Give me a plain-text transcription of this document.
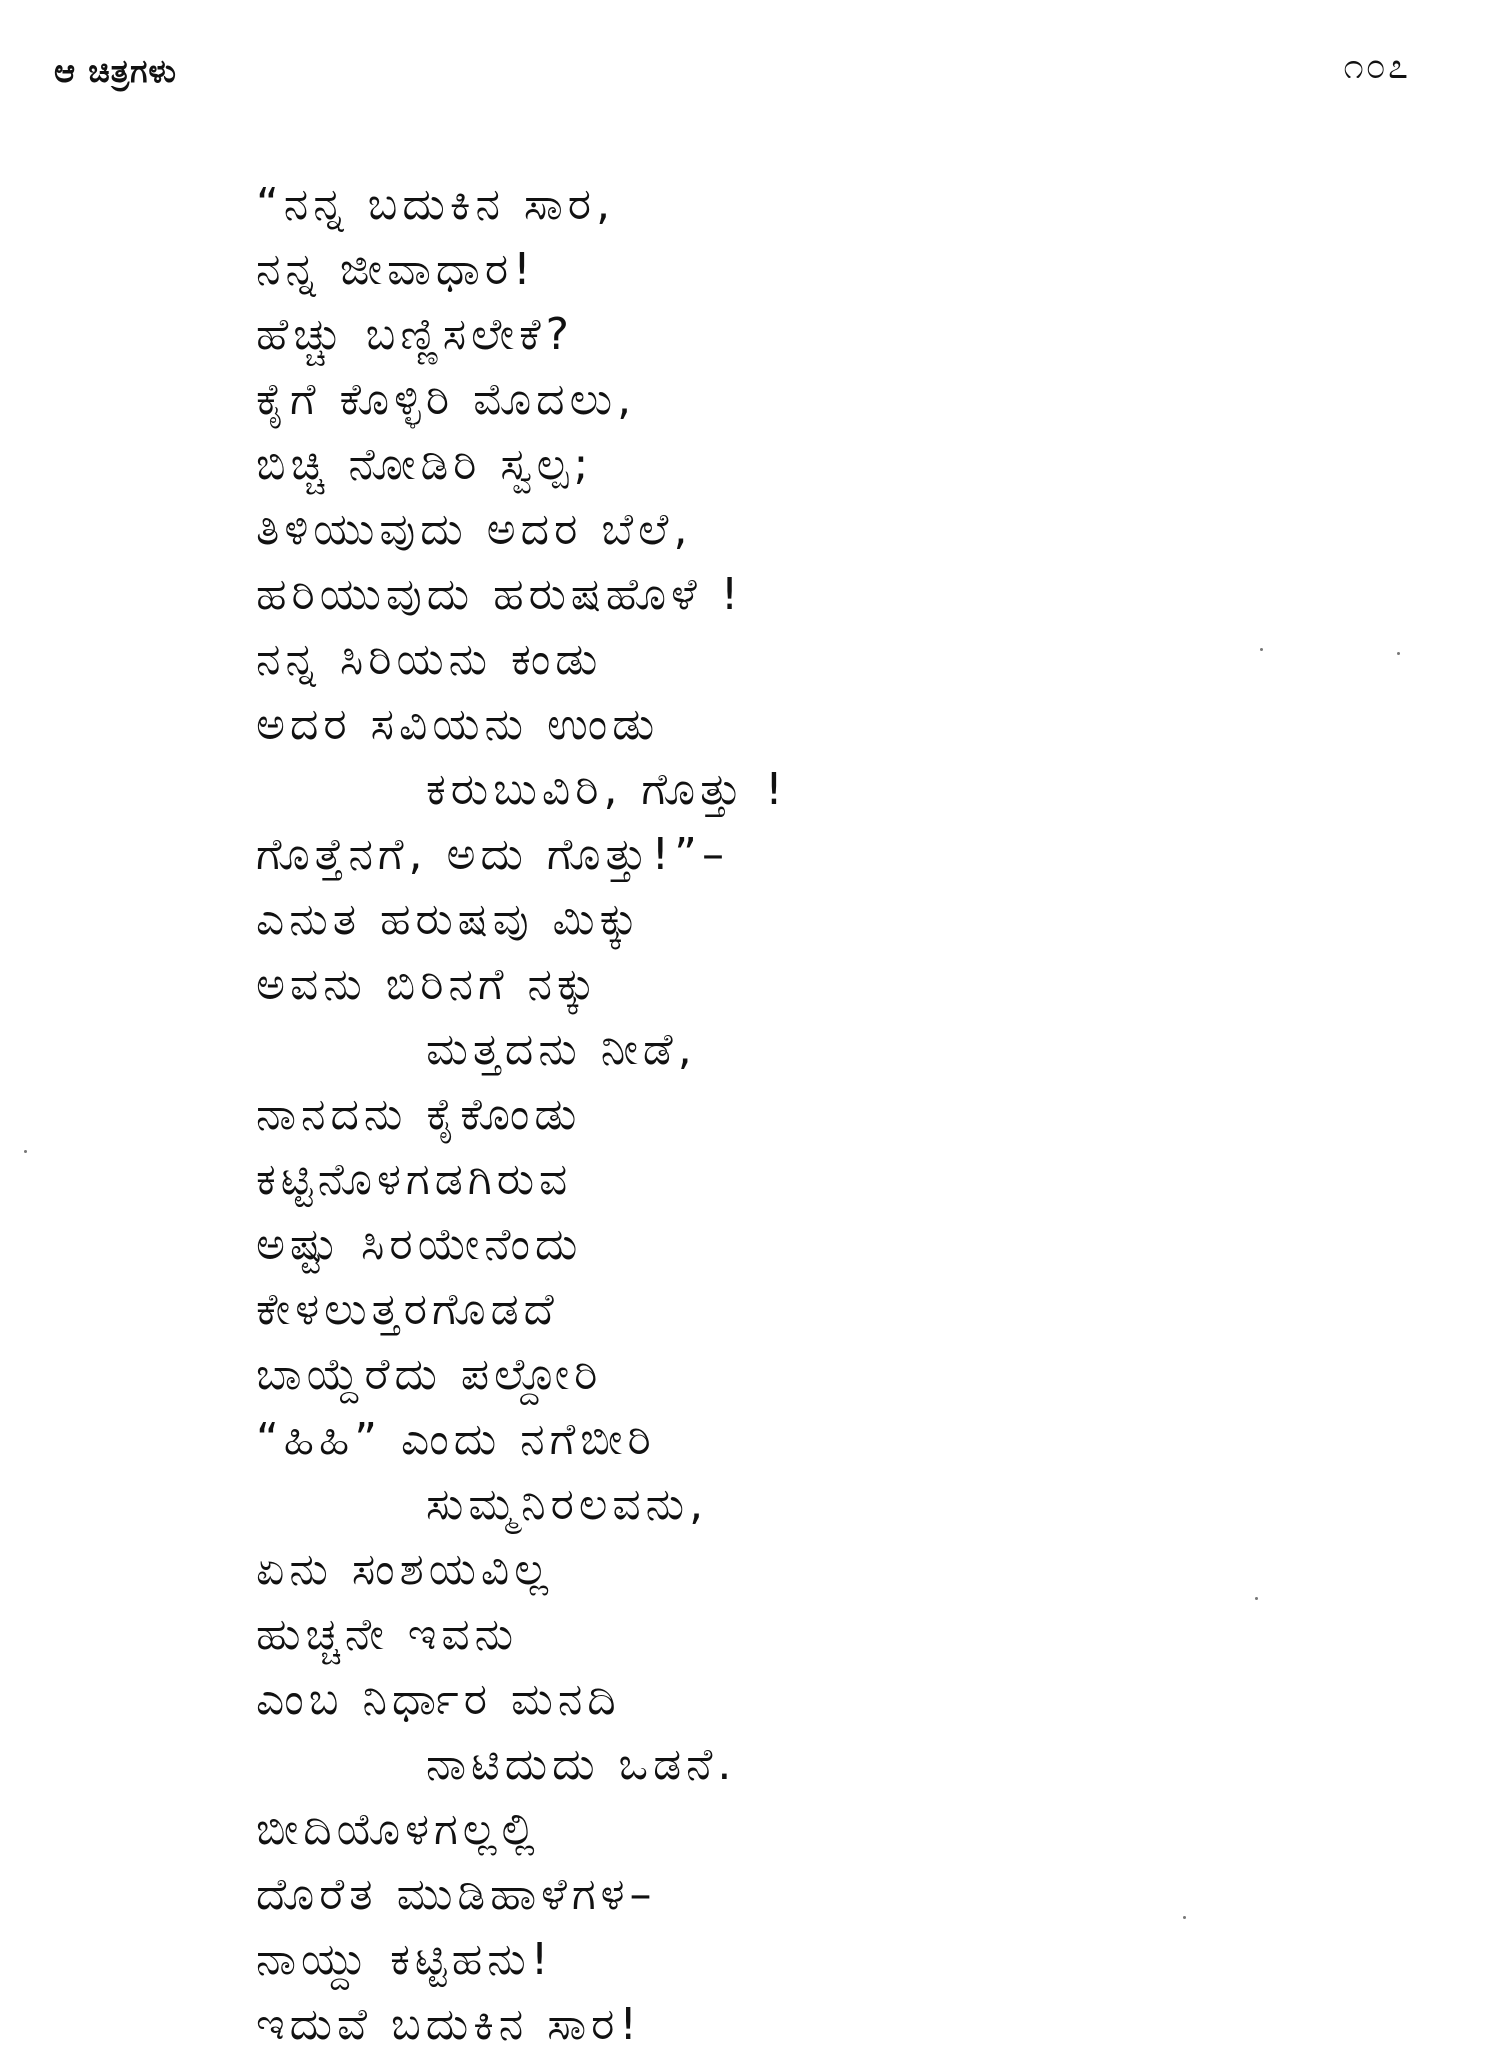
ಆ ಚಿತ್ರಗಳು	೧೦೭
“ನನ್ನ ಬದುಕಿನ ಸಾರ,
ನನ್ನ ಜೀವಾಧಾರ!
ಹೆಚ್ಚು ಬಣ್ಣಿಸಲೇಕೆ?
ಕೈಗೆ ಕೊಳ್ಳಿರಿ ಮೊದಲು,
ಬಿಚ್ಚಿ ನೋಡಿರಿ ಸ್ವಲ್ಪ;
ತಿಳಿಯುವುದು ಅದರ ಬೆಲೆ,
ಹರಿಯುವುದು ಹರುಷಹೊಳೆ !
ನನ್ನ ಸಿರಿಯನು ಕಂಡು
ಅದರ ಸವಿಯನು ಉಂಡು
ಕರುಬುವಿರಿ, ಗೊತ್ತು !
ಗೊತ್ತೆನಗೆ, ಅದು ಗೊತ್ತು!”–
ಎನುತ ಹರುಷವು ಮಿಕ್ಕು
ಅವನು ಬಿರಿನಗೆ ನಕ್ಕು
ಮತ್ತದನು ನೀಡೆ,
ನಾನದನು ಕೈಕೊಂಡು
ಕಟ್ಟಿನೊಳಗಡಗಿರುವ
ಅಷ್ಟು ಸಿರಯೇನೆಂದು
ಕೇಳಲುತ್ತರಗೊಡದೆ
ಬಾಯ್ದೆರೆದು ಪಲ್ದೋರಿ
“ಹಿಹಿ” ಎಂದು ನಗೆಬೀರಿ
ಸುಮ್ಮನಿರಲವನು,
ಏನು ಸಂಶಯವಿಲ್ಲ
ಹುಚ್ಚನೇ ಇವನು
ಎಂಬ ನಿರ್ಧಾರ ಮನದಿ
ನಾಟಿದುದು ಒಡನೆ.
ಬೀದಿಯೊಳಗಲ್ಲಲ್ಲಿ
ದೊರೆತ ಮುಡಿಹಾಳೆಗಳ–
ನಾಯ್ದು ಕಟ್ಟಿಹನು!
ಇದುವೆ ಬದುಕಿನ ಸಾರ!
